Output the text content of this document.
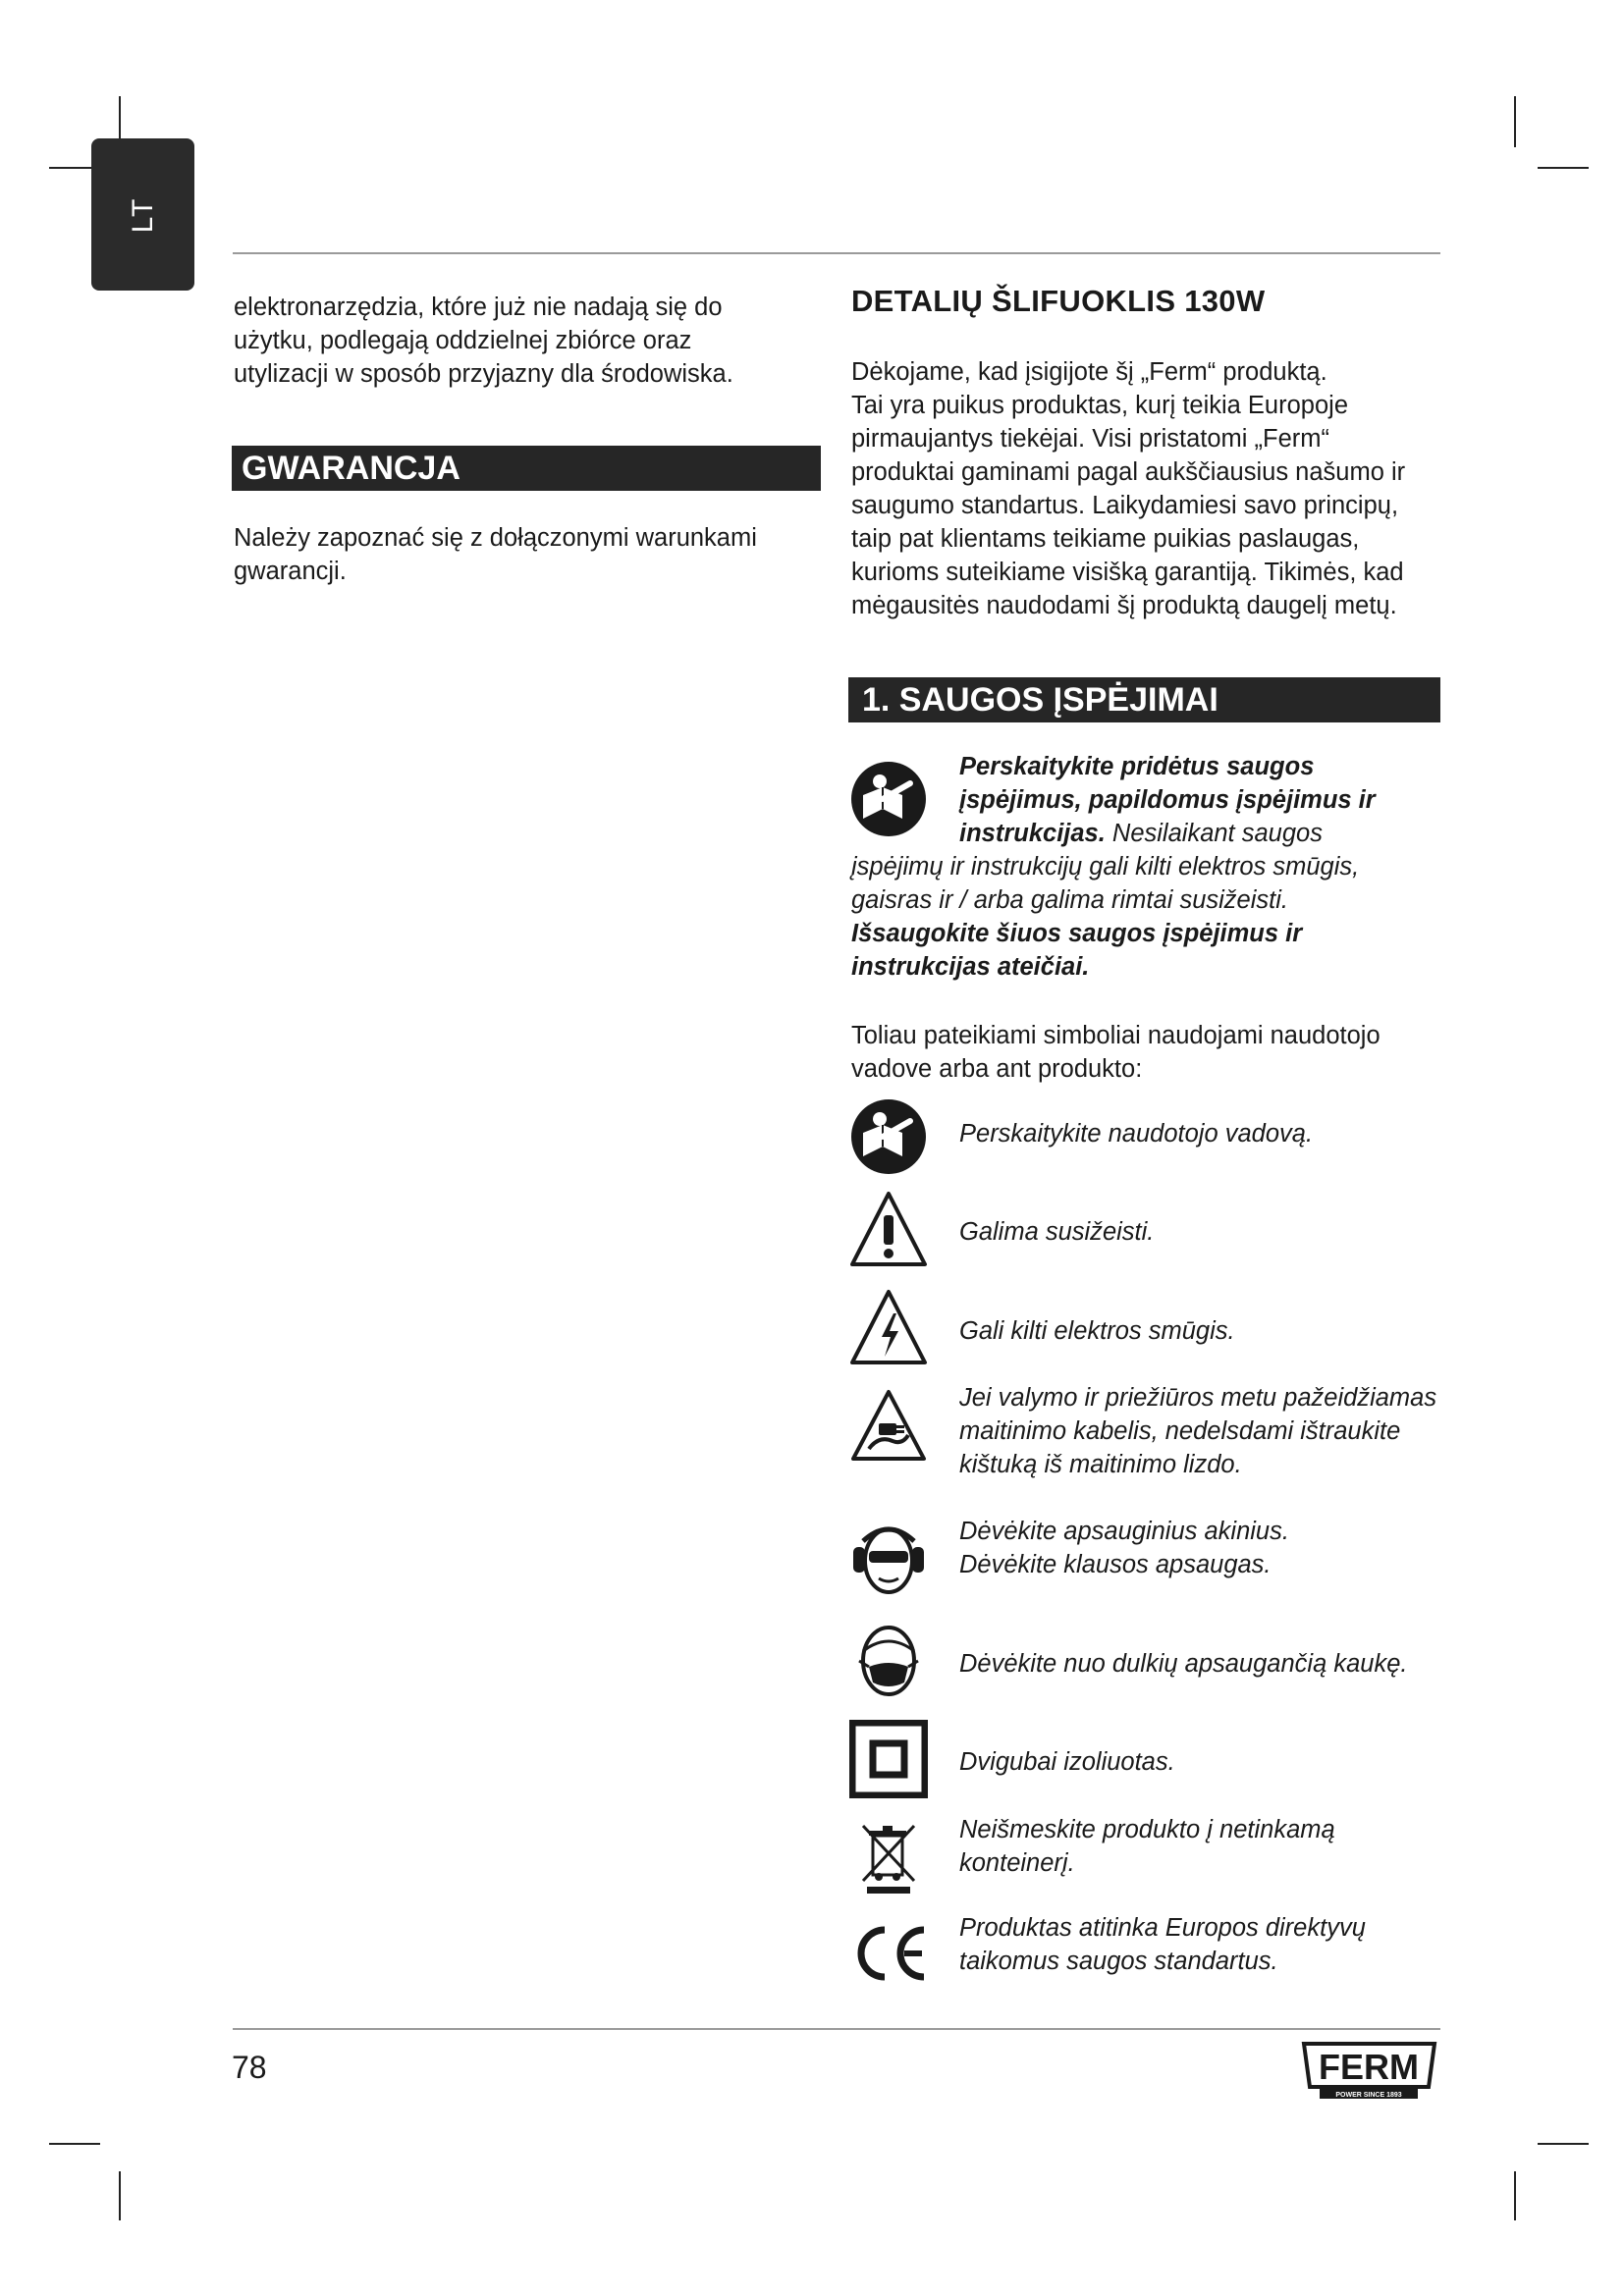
LT

elektronarzędzia, które już nie nadają się do

użytku, podlegają oddzielnej zbiórce oraz

utylizacji w sposób przyjazny dla środowiska.

GWARANCJA

Należy zapoznać się z dołączonymi warunkami

gwarancji.

DETALIŲ ŠLIFUOKLIS 130W

Dėkojame, kad įsigijote šį „Ferm“ produktą.

Tai yra puikus produktas, kurį teikia Europoje

pirmaujantys tiekėjai. Visi pristatomi „Ferm“

produktai gaminami pagal aukščiausius našumo ir

saugumo standartus. Laikydamiesi savo principų,

taip pat klientams teikiame puikias paslaugas,

kurioms suteikiame visišką garantiją. Tikimės, kad

mėgausitės naudodami šį produktą daugelį metų.

1. SAUGOS ĮSPĖJIMAI

Perskaitykite pridėtus saugos

įspėjimus, papildomus įspėjimus ir

instrukcijas. Nesilaikant saugos

įspėjimų ir instrukcijų gali kilti elektros smūgis,

gaisras ir / arba galima rimtai susižeisti.

Išsaugokite šiuos saugos įspėjimus ir

instrukcijas ateičiai.

Toliau pateikiami simboliai naudojami naudotojo

vadove arba ant produkto:

Perskaitykite naudotojo vadovą.

Galima susižeisti.

Gali kilti elektros smūgis.

Jei valymo ir priežiūros metu pažeidžiamas

maitinimo kabelis, nedelsdami ištraukite

kištuką iš maitinimo lizdo.

Dėvėkite apsauginius akinius.

Dėvėkite klausos apsaugas.

Dėvėkite nuo dulkių apsaugančią kaukę.

Dvigubai izoliuotas.

Neišmeskite produkto į netinkamą

konteinerį.

Produktas atitinka Europos direktyvų

taikomus saugos standartus.

78	FERM
POWER SINCE 1893
